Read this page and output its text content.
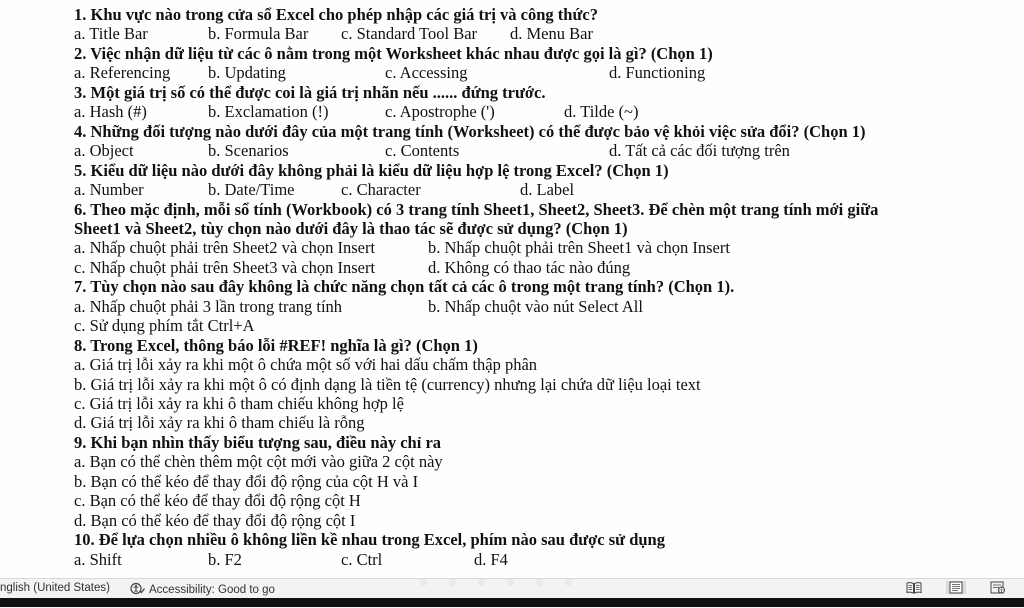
1. Khu vực nào trong cửa sổ Excel cho phép nhập các giá trị và công thức?
a. Title Bar	b. Formula Bar c. Standard Tool Bar d. Menu Bar
2. Việc nhận dữ liệu từ các ô nằm trong một Worksheet khác nhau được gọi là gì? (Chọn 1)
a. Referencing b. Updating	c. Accessing	d. Functioning
3. Một giá trị số có thể được coi là giá trị nhãn nếu ...... đứng trước.
a. Hash (#)	b. Exclamation (!)	c. Apostrophe (')	d. Tilde (~)
4. Những đối tượng nào dưới đây của một trang tính (Worksheet) có thể được bảo vệ khỏi việc sửa đổi? (Chọn 1)
a. Object	b. Scenarios	c. Contents	d. Tất cả các đối tượng trên
5. Kiểu dữ liệu nào dưới đây không phải là kiểu dữ liệu hợp lệ trong Excel? (Chọn 1)
a. Number	b. Date/Time	c. Character	d. Label
6. Theo mặc định, mỗi sổ tính (Workbook) có 3 trang tính Sheet1, Sheet2, Sheet3. Để chèn một trang tính mới giữa
Sheet1 và Sheet2, tùy chọn nào dưới đây là thao tác sẽ được sử dụng? (Chọn 1)
a. Nhấp chuột phải trên Sheet2 và chọn Insert	b. Nhấp chuột phải trên Sheet1 và chọn Insert
c. Nhấp chuột phải trên Sheet3 và chọn Insert	d. Không có thao tác nào đúng
7. Tùy chọn nào sau đây không là chức năng chọn tất cả các ô trong một trang tính? (Chọn 1).
a. Nhấp chuột phải 3 lần trong trang tính	b. Nhấp chuột vào nút Select All
c. Sử dụng phím tắt Ctrl+A
8. Trong Excel, thông báo lỗi #REF! nghĩa là gì? (Chọn 1)
a. Giá trị lỗi xảy ra khi một ô chứa một số với hai dấu chấm thập phân
b. Giá trị lỗi xảy ra khi một ô có định dạng là tiền tệ (currency) nhưng lại chứa dữ liệu loại text
c. Giá trị lỗi xảy ra khi ô tham chiếu không hợp lệ
d. Giá trị lỗi xảy ra khi ô tham chiếu là rỗng
9. Khi bạn nhìn thấy biểu tượng sau, điều này chỉ ra
a. Bạn có thể chèn thêm một cột mới vào giữa 2 cột này
b. Bạn có thể kéo để thay đổi độ rộng của cột H và I
c. Bạn có thể kéo để thay đổi độ rộng cột H
d. Bạn có thể kéo để thay đổi độ rộng cột I
10. Để lựa chọn nhiều ô không liền kề nhau trong Excel, phím nào sau được sử dụng
a. Shift	b. F2	c. Ctrl	d. F4
nglish (United States)	Accessibility: Good to go
